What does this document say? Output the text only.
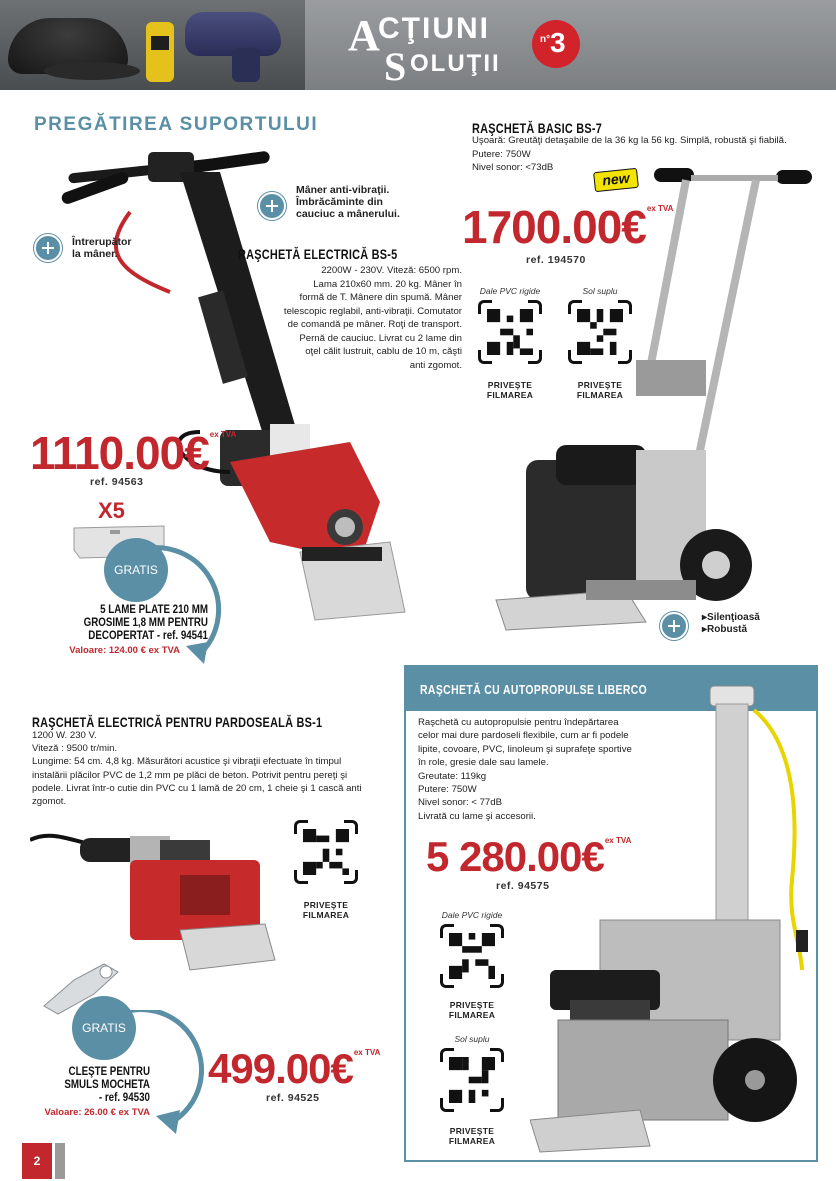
A
CŢIUNI
S OLUŢII
n° 3
PREGĂTIREA SUPORTULUI
Mâner anti-vibraţii.
Îmbrăcăminte din
cauciuc a mânerului.
Întrerupător
la mâner.	RAŞCHETĂ ELECTRICĂ BS-5
2200W - 230V. Viteză: 6500 rpm.
Lama 210x60 mm. 20 kg. Mâner în
formă de T. Mânere din spumă. Mâner
telescopic reglabil, anti-vibraţii. Comutator
de comandă pe mâner. Roţi de transport.
Pernă de cauciuc. Livrat cu 2 lame din
oţel călit lustruit, cablu de 10 m, căşti
anti zgomot.
1110.00€$^{ex TVA}$
ref. 94563
X5
GRATIS
5 LAME PLATE 210 MM
GROSIME 1,8 MM PENTRU
DECOPERTAT - ref. 94541
Valoare: 124.00 € ex TVA
RAŞCHETĂ BASIC BS-7
Uşoară: Greutăţi detaşabile de la 36 kg la 56 kg. Simplă, robustă şi fiabilă.
Putere: 750W
Nivel sonor: <73dB
new
1700.00€$^{ex TVA}$
ref. 194570
Dale PVC rigide
PRIVEŞTE
FILMAREA
Sol suplu
PRIVEŞTE
FILMAREA
▸Silenţioasă
▸Robustă
RAŞCHETĂ ELECTRICĂ PENTRU PARDOSEALĂ BS-1
1200 W. 230 V.
Viteză : 9500 tr/min.
Lungime: 54 cm. 4,8 kg. Măsurători acustice şi vibraţii efectuate în timpul
instalării plăcilor PVC de 1,2 mm pe plăci de beton. Potrivit pentru pereţi şi
podele. Livrat într-o cutie din PVC cu 1 lamă de 20 cm, 1 cheie şi 1 cască anti
zgomot.
PRIVEŞTE
FILMAREA
GRATIS
CLEŞTE PENTRU
SMULS MOCHETA
- ref. 94530
Valoare: 26.00 € ex TVA
499.00€$^{ex TVA}$
ref. 94525
RAŞCHETĂ CU AUTOPROPULSE LIBERCO
Raşchetă cu autopropulsie pentru îndepărtarea
celor mai dure pardoseli flexibile, cum ar fi podele
lipite, covoare, PVC, linoleum şi suprafeţe sportive
în role, gresie dale sau lamele.
Greutate: 119kg
Putere: 750W
Nivel sonor: < 77dB
Livrată cu lame şi accesorii.
5 280.00€$^{ex TVA}$
ref. 94575
Dale PVC rigide
PRIVEŞTE
FILMAREA
Sol suplu
PRIVEŞTE
FILMAREA
2
